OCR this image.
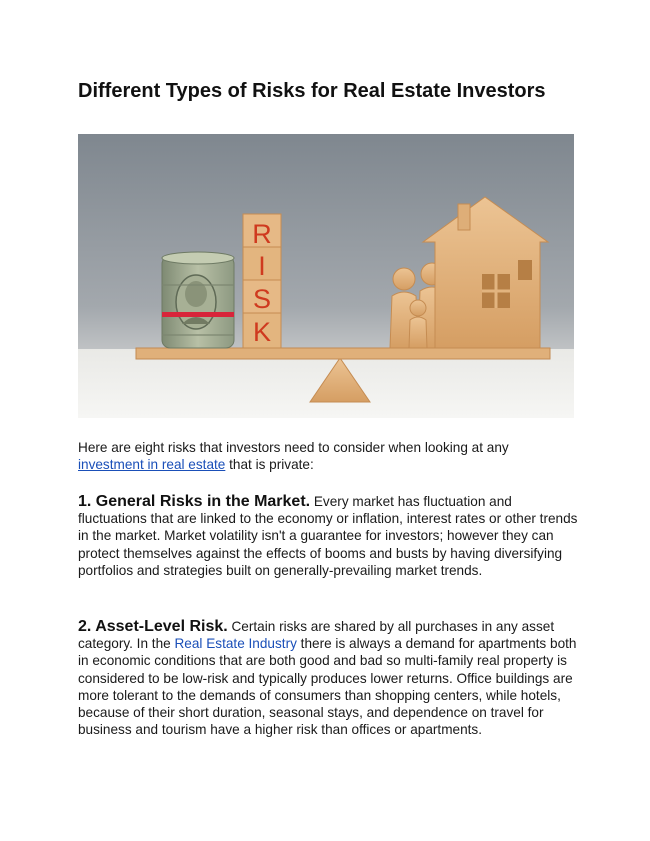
Different Types of Risks for Real Estate Investors
R
I
S
K

Here are eight risks that investors need to consider when looking at any investment in real estate that is private:

1. General Risks in the Market. Every market has fluctuation and fluctuations that are linked to the economy or inflation, interest rates or other trends in the market. Market volatility isn't a guarantee for investors; however they can protect themselves against the effects of booms and busts by having diversifying portfolios and strategies built on generally-prevailing market trends.

2. Asset-Level Risk. Certain risks are shared by all purchases in any asset category. In the Real Estate Industry there is always a demand for apartments both in economic conditions that are both good and bad so multi-family real property is considered to be low-risk and typically produces lower returns. Office buildings are more tolerant to the demands of consumers than shopping centers, while hotels, because of their short duration, seasonal stays, and dependence on travel for business and tourism have a higher risk than offices or apartments.
